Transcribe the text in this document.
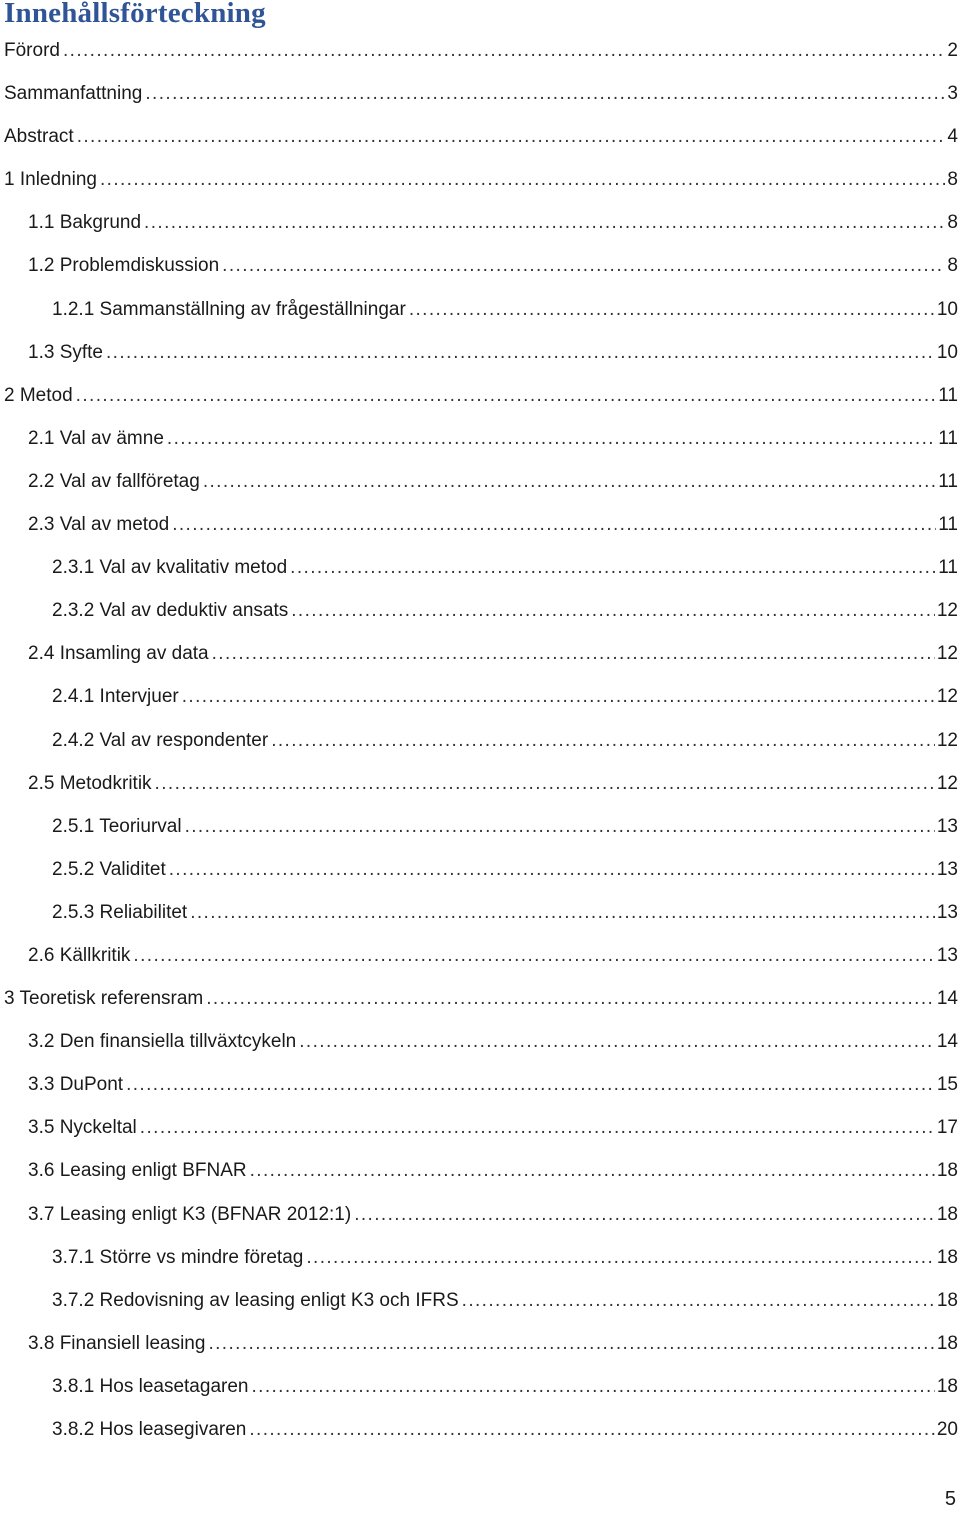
Innehållsförteckning
Förord .....	2
Sammanfattning .....	3
Abstract .....	4
1 Inledning .....	8
1.1 Bakgrund .....	8
1.2 Problemdiskussion .....	8
1.2.1 Sammanställning av frågeställningar .....	10
1.3 Syfte .....	10
2 Metod .....	11
2.1 Val av ämne .....	11
2.2 Val av fallföretag .....	11
2.3 Val av metod .....	11
2.3.1 Val av kvalitativ metod .....	11
2.3.2 Val av deduktiv ansats .....	12
2.4 Insamling av data .....	12
2.4.1 Intervjuer .....	12
2.4.2 Val av respondenter .....	12
2.5 Metodkritik .....	12
2.5.1 Teoriurval .....	13
2.5.2 Validitet .....	13
2.5.3 Reliabilitet .....	13
2.6 Källkritik .....	13
3 Teoretisk referensram .....	14
3.2 Den finansiella tillväxtcykeln .....	14
3.3 DuPont .....	15
3.5 Nyckeltal .....	17
3.6 Leasing enligt BFNAR .....	18
3.7 Leasing enligt K3 (BFNAR 2012:1) .....	18
3.7.1 Större vs mindre företag .....	18
3.7.2 Redovisning av leasing enligt K3 och IFRS .....	18
3.8 Finansiell leasing .....	18
3.8.1 Hos leasetagaren .....	18
3.8.2 Hos leasegivaren .....	20

5
